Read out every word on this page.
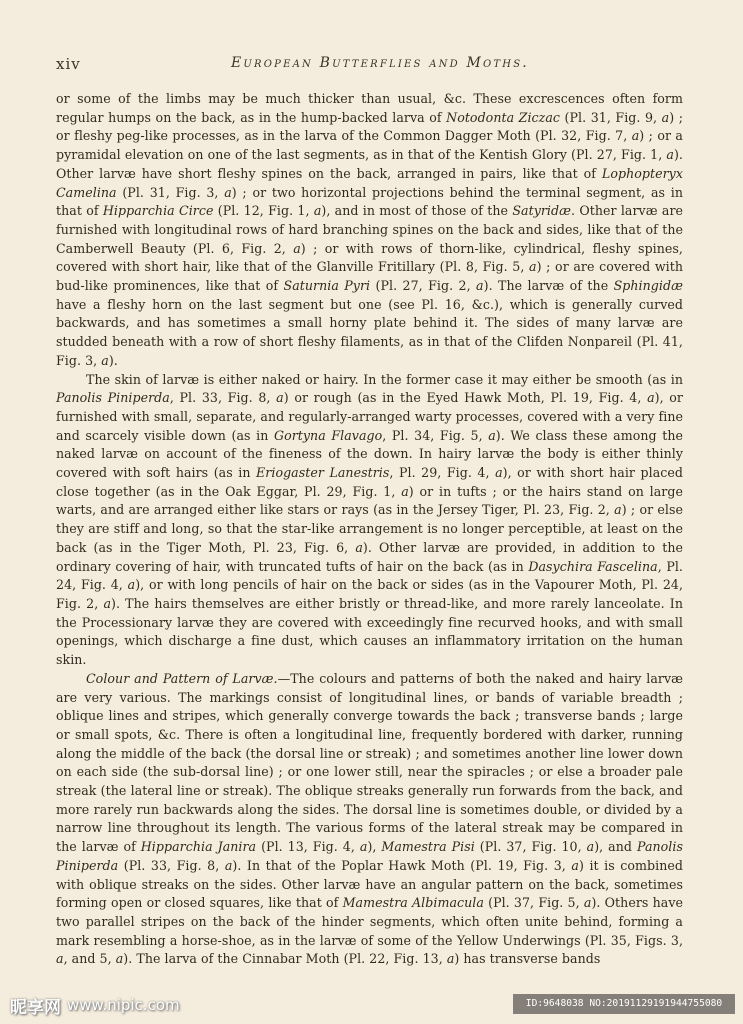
xiv	European Butterflies and Moths.

or some of the limbs may be much thicker than usual, &c. These excrescences often form regular humps on the back, as in the hump-backed larva of Notodonta Ziczac (Pl. 31, Fig. 9, a) ; or fleshy peg-like processes, as in the larva of the Common Dagger Moth (Pl. 32, Fig. 7, a) ; or a pyramidal elevation on one of the last segments, as in that of the Kentish Glory (Pl. 27, Fig. 1, a). Other larvæ have short fleshy spines on the back, arranged in pairs, like that of Lophopteryx Camelina (Pl. 31, Fig. 3, a) ; or two horizontal projections behind the terminal segment, as in that of Hipparchia Circe (Pl. 12, Fig. 1, a), and in most of those of the Satyridæ. Other larvæ are furnished with longitudinal rows of hard branching spines on the back and sides, like that of the Camberwell Beauty (Pl. 6, Fig. 2, a) ; or with rows of thorn-like, cylindrical, fleshy spines, covered with short hair, like that of the Glanville Fritillary (Pl. 8, Fig. 5, a) ; or are covered with bud-like prominences, like that of Saturnia Pyri (Pl. 27, Fig. 2, a). The larvæ of the Sphingidæ have a fleshy horn on the last segment but one (see Pl. 16, &c.), which is generally curved backwards, and has sometimes a small horny plate behind it. The sides of many larvæ are studded beneath with a row of short fleshy filaments, as in that of the Clifden Nonpareil (Pl. 41, Fig. 3, a).

The skin of larvæ is either naked or hairy. In the former case it may either be smooth (as in Panolis Piniperda, Pl. 33, Fig. 8, a) or rough (as in the Eyed Hawk Moth, Pl. 19, Fig. 4, a), or furnished with small, separate, and regularly-arranged warty processes, covered with a very fine and scarcely visible down (as in Gortyna Flavago, Pl. 34, Fig. 5, a). We class these among the naked larvæ on account of the fineness of the down. In hairy larvæ the body is either thinly covered with soft hairs (as in Eriogaster Lanestris, Pl. 29, Fig. 4, a), or with short hair placed close together (as in the Oak Eggar, Pl. 29, Fig. 1, a) or in tufts ; or the hairs stand on large warts, and are arranged either like stars or rays (as in the Jersey Tiger, Pl. 23, Fig. 2, a) ; or else they are stiff and long, so that the star-like arrangement is no longer perceptible, at least on the back (as in the Tiger Moth, Pl. 23, Fig. 6, a). Other larvæ are provided, in addition to the ordinary covering of hair, with truncated tufts of hair on the back (as in Dasychira Fascelina, Pl. 24, Fig. 4, a), or with long pencils of hair on the back or sides (as in the Vapourer Moth, Pl. 24, Fig. 2, a). The hairs themselves are either bristly or thread-like, and more rarely lanceolate. In the Processionary larvæ they are covered with exceedingly fine recurved hooks, and with small openings, which discharge a fine dust, which causes an inflammatory irritation on the human skin.

Colour and Pattern of Larvæ.—The colours and patterns of both the naked and hairy larvæ are very various. The markings consist of longitudinal lines, or bands of variable breadth ; oblique lines and stripes, which generally converge towards the back ; transverse bands ; large or small spots, &c. There is often a longitudinal line, frequently bordered with darker, running along the middle of the back (the dorsal line or streak) ; and sometimes another line lower down on each side (the sub-dorsal line) ; or one lower still, near the spiracles ; or else a broader pale streak (the lateral line or streak). The oblique streaks generally run forwards from the back, and more rarely run backwards along the sides. The dorsal line is sometimes double, or divided by a narrow line throughout its length. The various forms of the lateral streak may be compared in the larvæ of Hipparchia Janira (Pl. 13, Fig. 4, a), Mamestra Pisi (Pl. 37, Fig. 10, a), and Panolis Piniperda (Pl. 33, Fig. 8, a). In that of the Poplar Hawk Moth (Pl. 19, Fig. 3, a) it is combined with oblique streaks on the sides. Other larvæ have an angular pattern on the back, sometimes forming open or closed squares, like that of Mamestra Albimacula (Pl. 37, Fig. 5, a). Others have two parallel stripes on the back of the hinder segments, which often unite behind, forming a mark resembling a horse-shoe, as in the larvæ of some of the Yellow Underwings (Pl. 35, Figs. 3, a, and 5, a). The larva of the Cinnabar Moth (Pl. 22, Fig. 13, a) has transverse bands

昵享网 www.nipic.com	ID:9648038 NO:20191129191944755080
